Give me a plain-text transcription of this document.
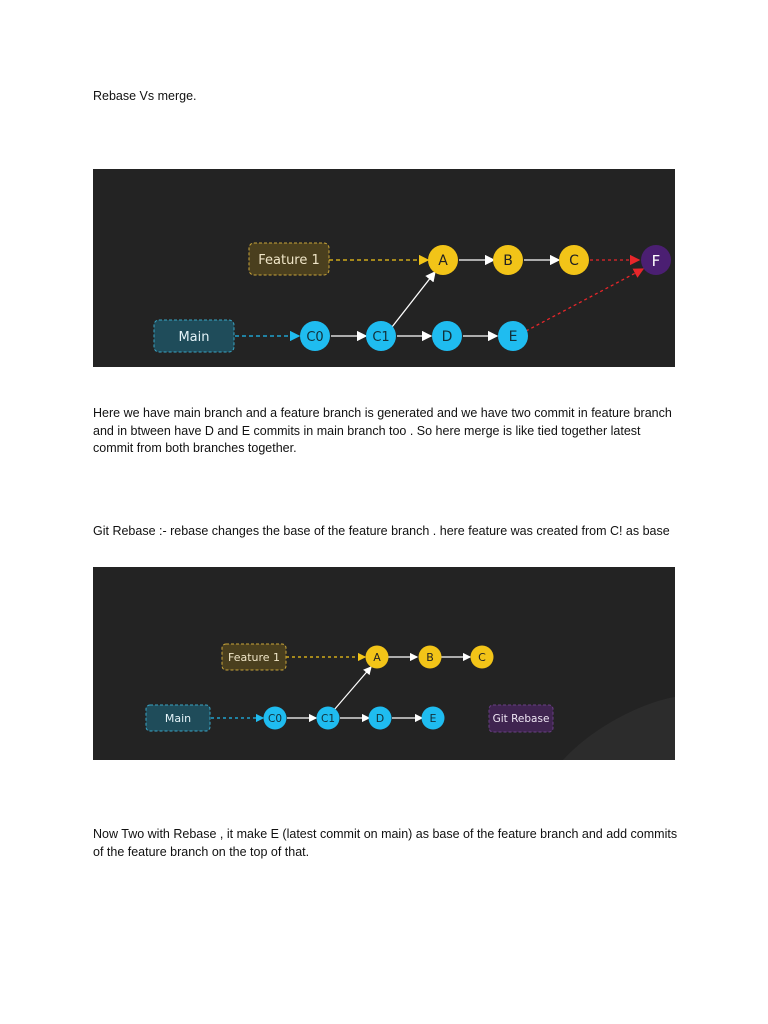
Rebase Vs merge.

Feature 1
Main
A	B	C
C0	C1	D	E
F

Here we have main branch and a feature branch is generated and we have two commit in feature branch and in btween have D and E commits in main branch too . So here merge is like tied together latest commit from both branches together.

Git Rebase :- rebase changes the base of the feature branch . here feature was created from C! as base

Feature 1
Main
A	B	C
C0	C1	D	E	Git Rebase

Now Two with Rebase , it make E (latest commit on main) as base of the feature branch and add commits of the feature branch on the top of that.
